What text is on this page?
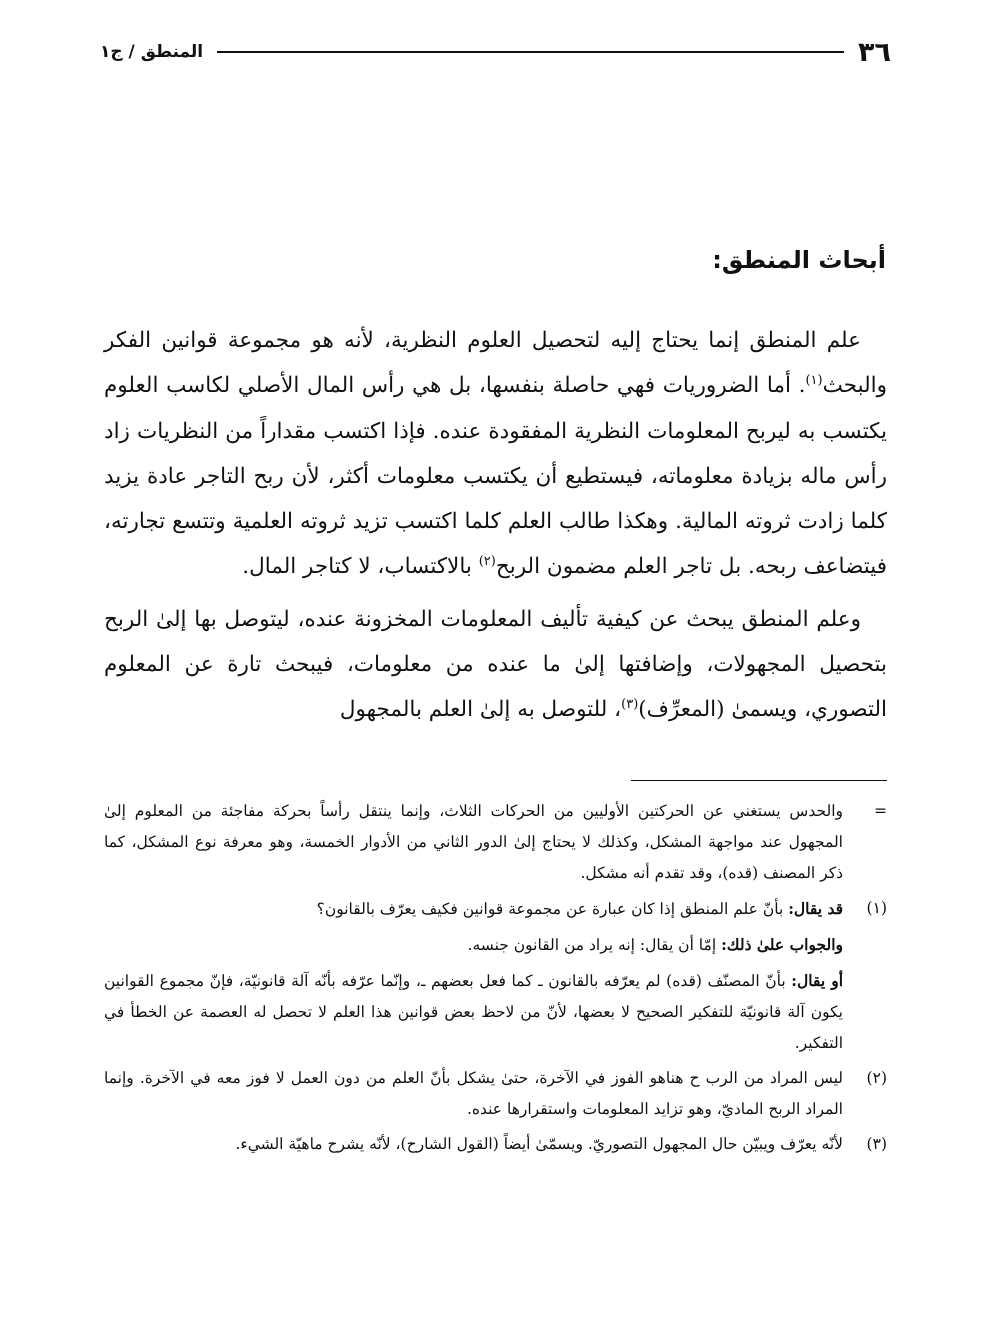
٣٦
المنطق / ج١
أبحاث المنطق:

علم المنطق إنما يحتاج إليه لتحصيل العلوم النظرية، لأنه هو مجموعة قوانين الفكر والبحث$^{(١)}$. أما الضروريات فهي حاصلة بنفسها، بل هي رأس المال الأصلي لكاسب العلوم يكتسب به ليربح المعلومات النظرية المفقودة عنده. فإذا اكتسب مقداراً من النظريات زاد رأس ماله بزيادة معلوماته، فيستطيع أن يكتسب معلومات أكثر، لأن ربح التاجر عادة يزيد كلما زادت ثروته المالية. وهكذا طالب العلم كلما اكتسب تزيد ثروته العلمية وتتسع تجارته، فيتضاعف ربحه. بل تاجر العلم مضمون الربح$^{(٢)}$ بالاكتساب، لا كتاجر المال.

وعلم المنطق يبحث عن كيفية تأليف المعلومات المخزونة عنده، ليتوصل بها إلىٰ الربح بتحصيل المجهولات، وإضافتها إلىٰ ما عنده من معلومات، فيبحث تارة عن المعلوم التصوري، ويسمىٰ (المعرِّف)$^{(٣)}$، للتوصل به إلىٰ العلم بالمجهول

=
والحدس يستغني عن الحركتين الأوليين من الحركات الثلاث، وإنما ينتقل رأساً بحركة مفاجئة من المعلوم إلىٰ المجهول عند مواجهة المشكل، وكذلك لا يحتاج إلىٰ الدور الثاني من الأدوار الخمسة، وهو معرفة نوع المشكل، كما ذكر المصنف (قده)، وقد تقدم أنه مشكل.
(١)
قد يقال: بأنّ علم المنطق إذا كان عبارة عن مجموعة قوانين فكيف يعرّف بالقانون؟
والجواب علىٰ ذلك: إمّا أن يقال: إنه يراد من القانون جنسه.
أو يقال: بأنّ المصنّف (قده) لم يعرّفه بالقانون ـ كما فعل بعضهم ـ، وإنّما عرّفه بأنّه آلة قانونيّة، فإنّ مجموع القوانين يكون آلة قانونيّة للتفكير الصحيح لا بعضها، لأنّ من لاحظ بعض قوانين هذا العلم لا تحصل له العصمة عن الخطأ في التفكير.
(٢)
ليس المراد من الرب ح هناهو الفوز في الآخرة، حتىٰ يشكل بأنّ العلم من دون العمل لا فوز معه في الآخرة. وإنما المراد الربح الماديّ، وهو تزايد المعلومات واستقرارها عنده.
(٣)
لأنّه يعرّف ويبيّن حال المجهول التصوريّ. ويسمّىٰ أيضاً (القول الشارح)، لأنّه يشرح ماهيّة الشيء.
